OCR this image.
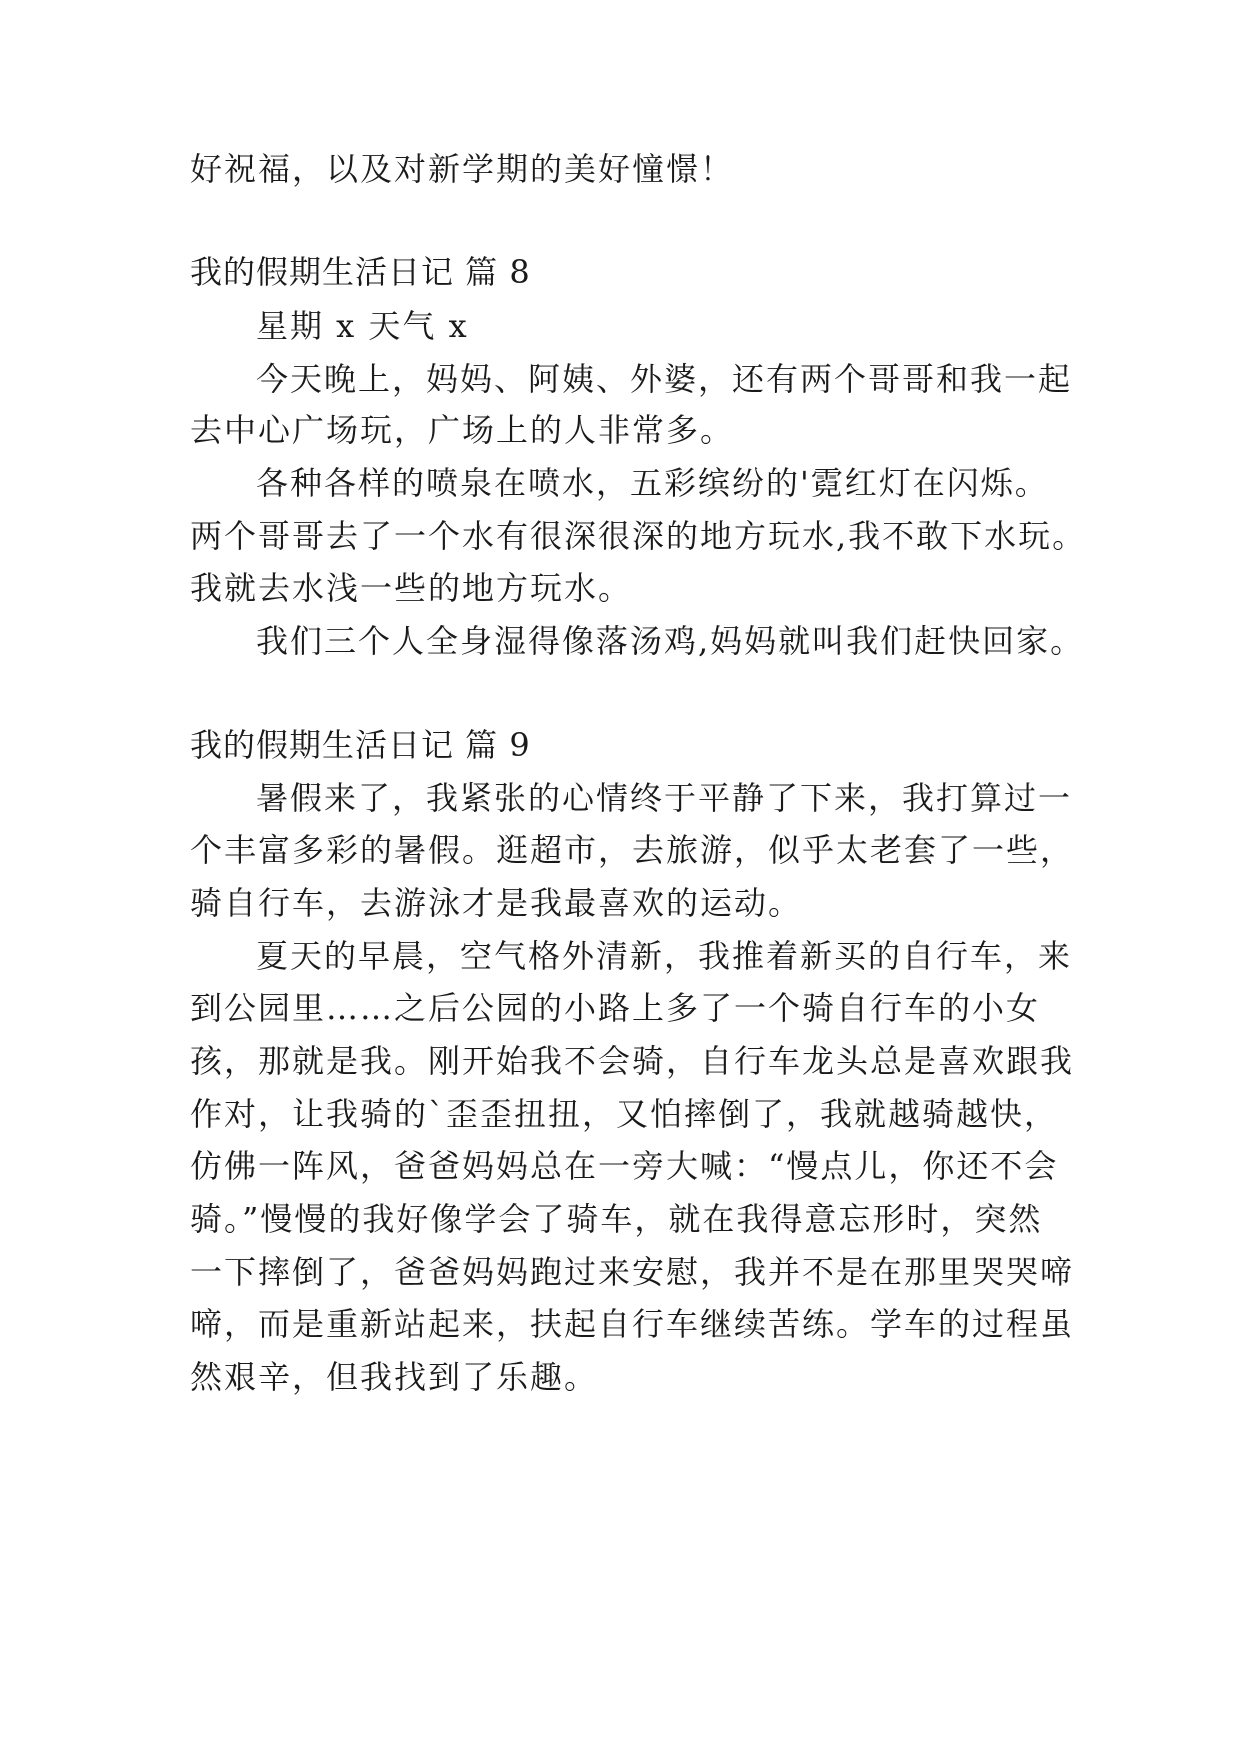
好祝福，以及对新学期的美好憧憬！
我的假期生活日记 篇 8
星期 x 天气 x
今天晚上，妈妈、阿姨、外婆，还有两个哥哥和我一起
去中心广场玩，广场上的人非常多。
各种各样的喷泉在喷水，五彩缤纷的'霓红灯在闪烁。
两个哥哥去了一个水有很深很深的地方玩水,我不敢下水玩。
我就去水浅一些的地方玩水。
我们三个人全身湿得像落汤鸡,妈妈就叫我们赶快回家。
我的假期生活日记 篇 9
暑假来了，我紧张的心情终于平静了下来，我打算过一
个丰富多彩的暑假。逛超市，去旅游，似乎太老套了一些，
骑自行车，去游泳才是我最喜欢的运动。
夏天的早晨，空气格外清新，我推着新买的自行车，来
到公园里……之后公园的小路上多了一个骑自行车的小女
孩，那就是我。刚开始我不会骑，自行车龙头总是喜欢跟我
作对，让我骑的`歪歪扭扭，又怕摔倒了，我就越骑越快，
仿佛一阵风，爸爸妈妈总在一旁大喊：“慢点儿，你还不会
骑。”慢慢的我好像学会了骑车，就在我得意忘形时，突然
一下摔倒了，爸爸妈妈跑过来安慰，我并不是在那里哭哭啼
啼，而是重新站起来，扶起自行车继续苦练。学车的过程虽
然艰辛，但我找到了乐趣。
